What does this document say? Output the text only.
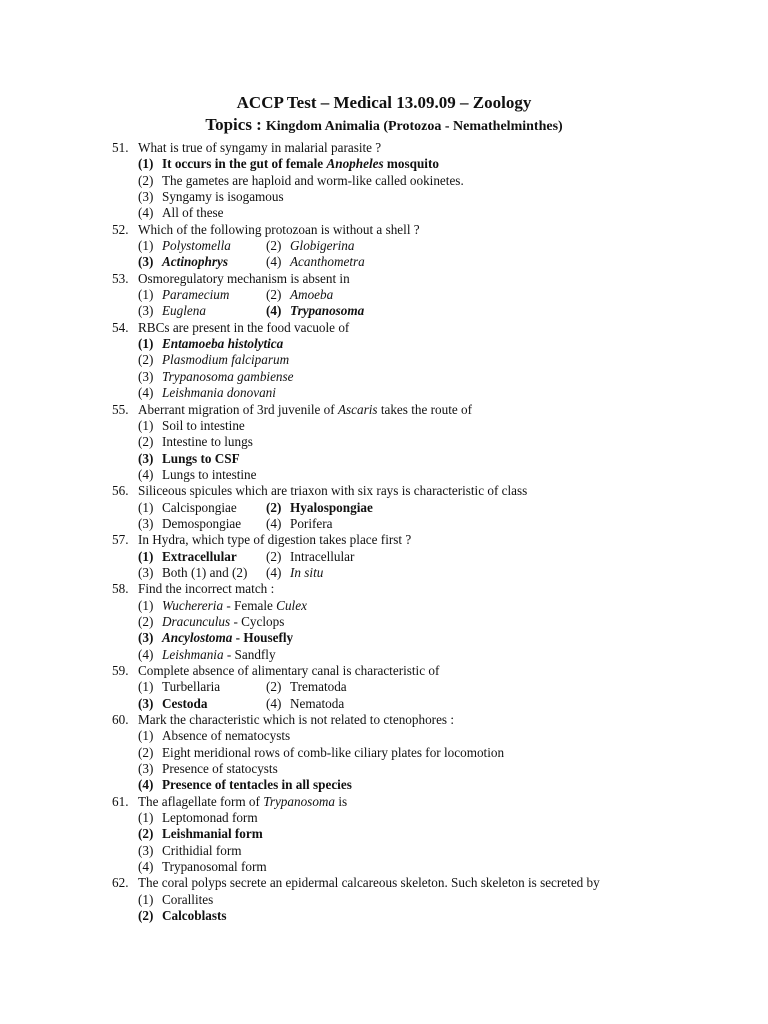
ACCP Test – Medical 13.09.09 – Zoology
Topics : Kingdom Animalia (Protozoa - Nemathelminthes)
51. What is true of syngamy in malarial parasite ?
(1) It occurs in the gut of female Anopheles mosquito
(2) The gametes are haploid and worm-like called ookinetes.
(3) Syngamy is isogamous
(4) All of these
52. Which of the following protozoan is without a shell ?
(1) Polystomella	(2) Globigerina
(3) Actinophrys	(4) Acanthometra
53. Osmoregulatory mechanism is absent in
(1) Paramecium	(2) Amoeba
(3) Euglena	(4) Trypanosoma
54. RBCs are present in the food vacuole of
(1) Entamoeba histolytica
(2) Plasmodium falciparum
(3) Trypanosoma gambiense
(4) Leishmania donovani
55. Aberrant migration of 3rd juvenile of Ascaris takes the route of
(1) Soil to intestine
(2) Intestine to lungs
(3) Lungs to CSF
(4) Lungs to intestine
56. Siliceous spicules which are triaxon with six rays is characteristic of class
(1) Calcispongiae (2) Hyalospongiae
(3) Demospongiae (4) Porifera
57. In Hydra, which type of digestion takes place first ?
(1) Extracellular (2) Intracellular
(3) Both (1) and (2) (4) In situ
58. Find the incorrect match :
(1) Wuchereria - Female Culex
(2) Dracunculus - Cyclops
(3) Ancylostoma - Housefly
(4) Leishmania - Sandfly
59. Complete absence of alimentary canal is characteristic of
(1) Turbellaria	(2) Trematoda
(3) Cestoda	(4) Nematoda
60. Mark the characteristic which is not related to ctenophores :
(1) Absence of nematocysts
(2) Eight meridional rows of comb-like ciliary plates for locomotion
(3) Presence of statocysts
(4) Presence of tentacles in all species
61. The aflagellate form of Trypanosoma is
(1) Leptomonad form
(2) Leishmanial form
(3) Crithidial form
(4) Trypanosomal form
62. The coral polyps secrete an epidermal calcareous skeleton. Such skeleton is secreted by
(1) Corallites
(2) Calcoblasts
